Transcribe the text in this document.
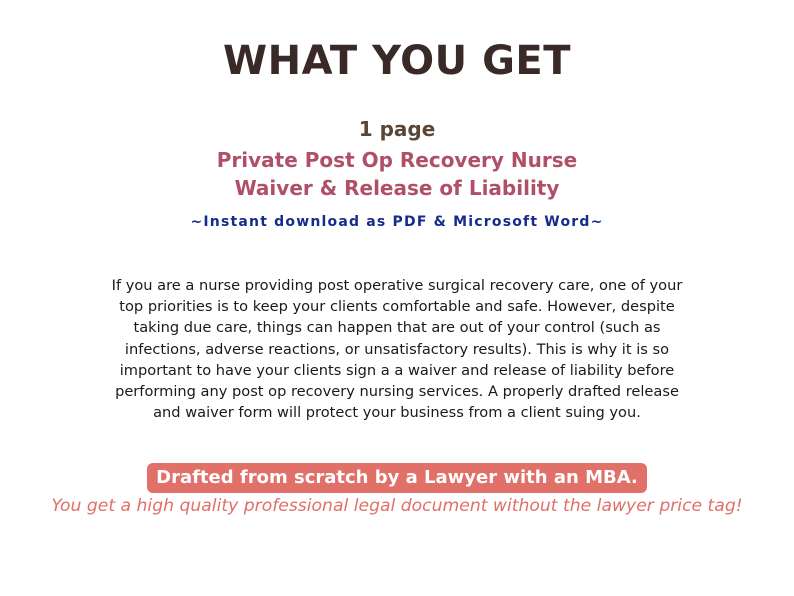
WHAT YOU GET
1 page
Private Post Op Recovery Nurse
Waiver & Release of Liability
~Instant download as PDF & Microsoft Word~
If you are a nurse providing post operative surgical recovery care, one of your
top priorities is to keep your clients comfortable and safe. However, despite
taking due care, things can happen that are out of your control (such as
infections, adverse reactions, or unsatisfactory results). This is why it is so
important to have your clients sign a a waiver and release of liability before
performing any post op recovery nursing services. A properly drafted release
and waiver form will protect your business from a client suing you.
Drafted from scratch by a Lawyer with an MBA.
You get a high quality professional legal document without the lawyer price tag!
